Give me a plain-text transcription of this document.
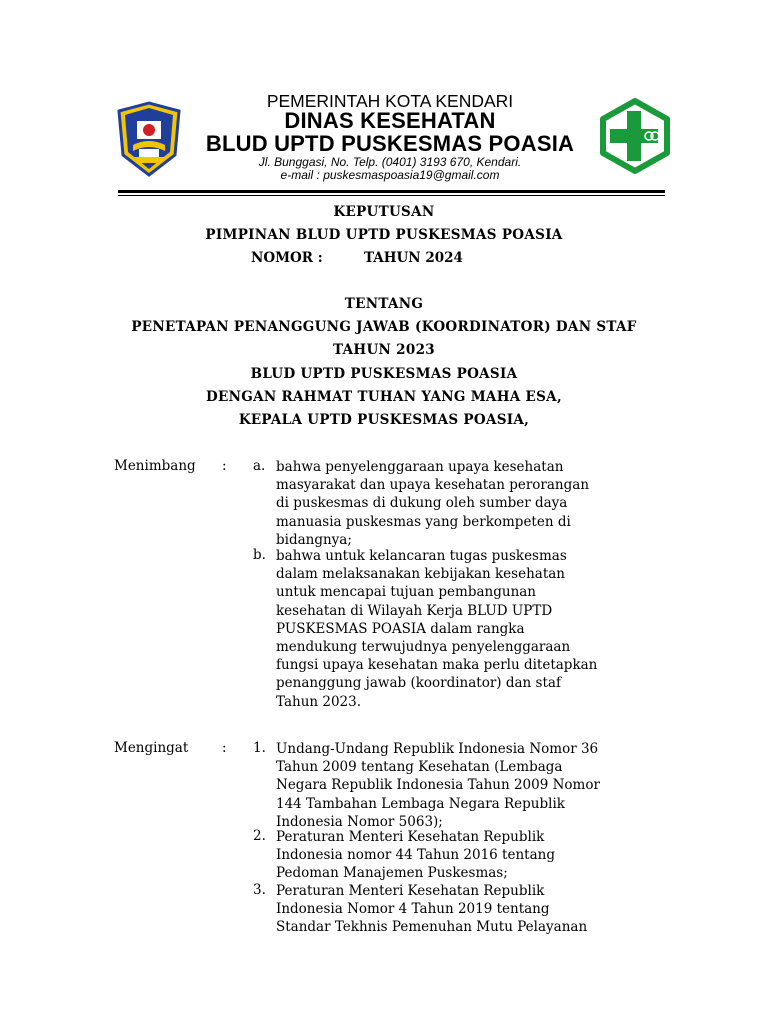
PEMERINTAH KOTA KENDARI
DINAS KESEHATAN
BLUD UPTD PUSKESMAS POASIA
Jl. Bunggasi, No. Telp. (0401) 3193 670, Kendari.
e-mail : puskesmaspoasia19@gmail.com
KEPUTUSAN
PIMPINAN BLUD UPTD PUSKESMAS POASIA
NOMOR :	TAHUN 2024
TENTANG
PENETAPAN PENANGGUNG JAWAB (KOORDINATOR) DAN STAF
TAHUN 2023
BLUD UPTD PUSKESMAS POASIA
DENGAN RAHMAT TUHAN YANG MAHA ESA,
KEPALA UPTD PUSKESMAS POASIA,
Menimbang : a. bahwa penyelenggaraan upaya kesehatan
masyarakat dan upaya kesehatan perorangan
di puskesmas di dukung oleh sumber daya
manuasia puskesmas yang berkompeten di
bidangnya;
b. bahwa untuk kelancaran tugas puskesmas
dalam melaksanakan kebijakan kesehatan
untuk mencapai tujuan pembangunan
kesehatan di Wilayah Kerja BLUD UPTD
PUSKESMAS POASIA dalam rangka
mendukung terwujudnya penyelenggaraan
fungsi upaya kesehatan maka perlu ditetapkan
penanggung jawab (koordinator) dan staf
Tahun 2023.
Mengingat : 1. Undang-Undang Republik Indonesia Nomor 36
Tahun 2009 tentang Kesehatan (Lembaga
Negara Republik Indonesia Tahun 2009 Nomor
144 Tambahan Lembaga Negara Republik
Indonesia Nomor 5063);
2. Peraturan Menteri Kesehatan Republik
Indonesia nomor 44 Tahun 2016 tentang
Pedoman Manajemen Puskesmas;
3. Peraturan Menteri Kesehatan Republik
Indonesia Nomor 4 Tahun 2019 tentang
Standar Tekhnis Pemenuhan Mutu Pelayanan
